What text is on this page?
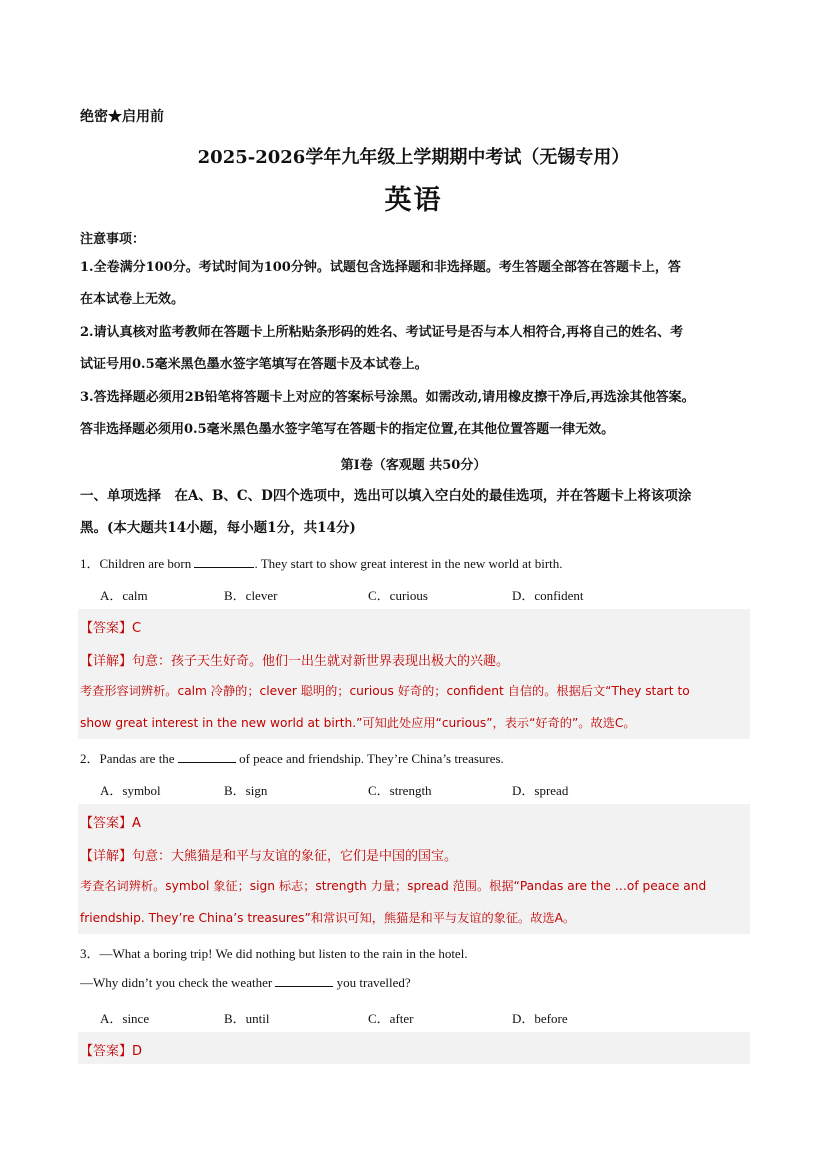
绝密★启用前
2025-2026学年九年级上学期期中考试（无锡专用）
英语
注意事项：
1.全卷满分100分。考试时间为100分钟。试题包含选择题和非选择题。考生答题全部答在答题卡上，答
在本试卷上无效。
2.请认真核对监考教师在答题卡上所粘贴条形码的姓名、考试证号是否与本人相符合,再将自己的姓名、考
试证号用0.5毫米黑色墨水签字笔填写在答题卡及本试卷上。
3.答选择题必须用2B铅笔将答题卡上对应的答案标号涂黑。如需改动,请用橡皮擦干净后,再选涂其他答案。
答非选择题必须用0.5毫米黑色墨水签字笔写在答题卡的指定位置,在其他位置答题一律无效。
第I卷（客观题 共50分）
一、单项选择　在A、B、C、D四个选项中，选出可以填入空白处的最佳选项，并在答题卡上将该项涂
黑。(本大题共14小题，每小题1分，共14分)
1．Children are born	. They start to show great interest in the new world at birth.
A．calm	B．clever	C．curious	D．confident
【答案】C
【详解】句意：孩子天生好奇。他们一出生就对新世界表现出极大的兴趣。
考查形容词辨析。calm 冷静的；clever 聪明的；curious 好奇的；confident 自信的。根据后文“They start to
show great interest in the new world at birth.”可知此处应用“curious”，表示“好奇的”。故选C。
2．Pandas are the	of peace and friendship. They’re China’s treasures.
A．symbol	B．sign	C．strength	D．spread
【答案】A
【详解】句意：大熊猫是和平与友谊的象征，它们是中国的国宝。
考查名词辨析。symbol 象征；sign 标志；strength 力量；spread 范围。根据“Pandas are the …of peace and
friendship. They’re China’s treasures”和常识可知，熊猫是和平与友谊的象征。故选A。
3．—What a boring trip! We did nothing but listen to the rain in the hotel.
—Why didn’t you check the weather	you travelled?
A．since	B．until	C．after	D．before
【答案】D
